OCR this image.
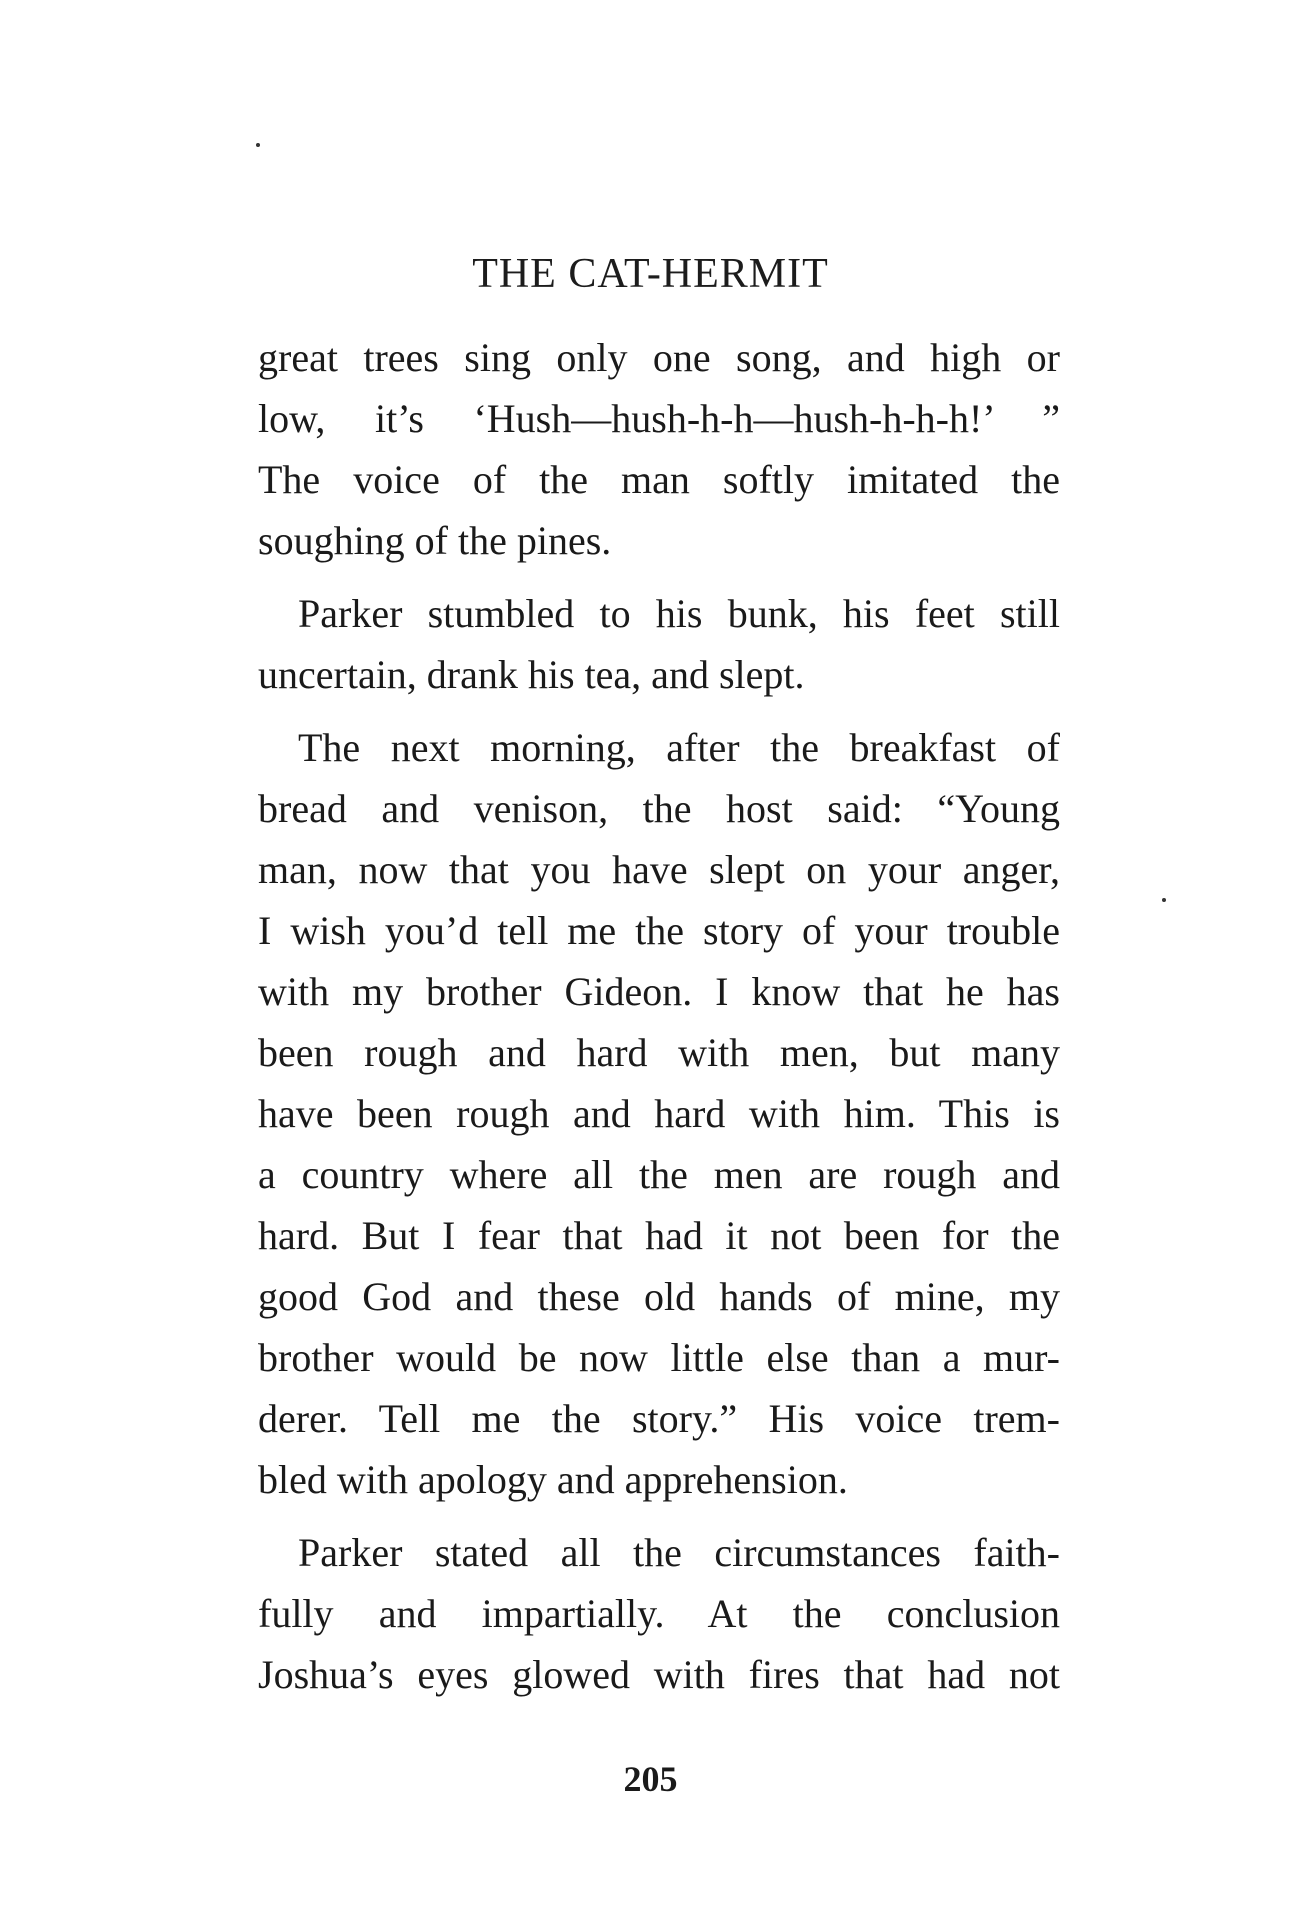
THE CAT-HERMIT
great trees sing only one song, and high or
low, it’s ‘Hush—hush-h-h—hush-h-h-h!’ ”
The voice of the man softly imitated the
soughing of the pines.
Parker stumbled to his bunk, his feet still
uncertain, drank his tea, and slept.
The next morning, after the breakfast of
bread and venison, the host said: “Young
man, now that you have slept on your anger,
I wish you’d tell me the story of your trouble
with my brother Gideon. I know that he has
been rough and hard with men, but many
have been rough and hard with him. This is
a country where all the men are rough and
hard. But I fear that had it not been for the
good God and these old hands of mine, my
brother would be now little else than a mur-
derer. Tell me the story.” His voice trem-
bled with apology and apprehension.
Parker stated all the circumstances faith-
fully and impartially. At the conclusion
Joshua’s eyes glowed with fires that had not
205
